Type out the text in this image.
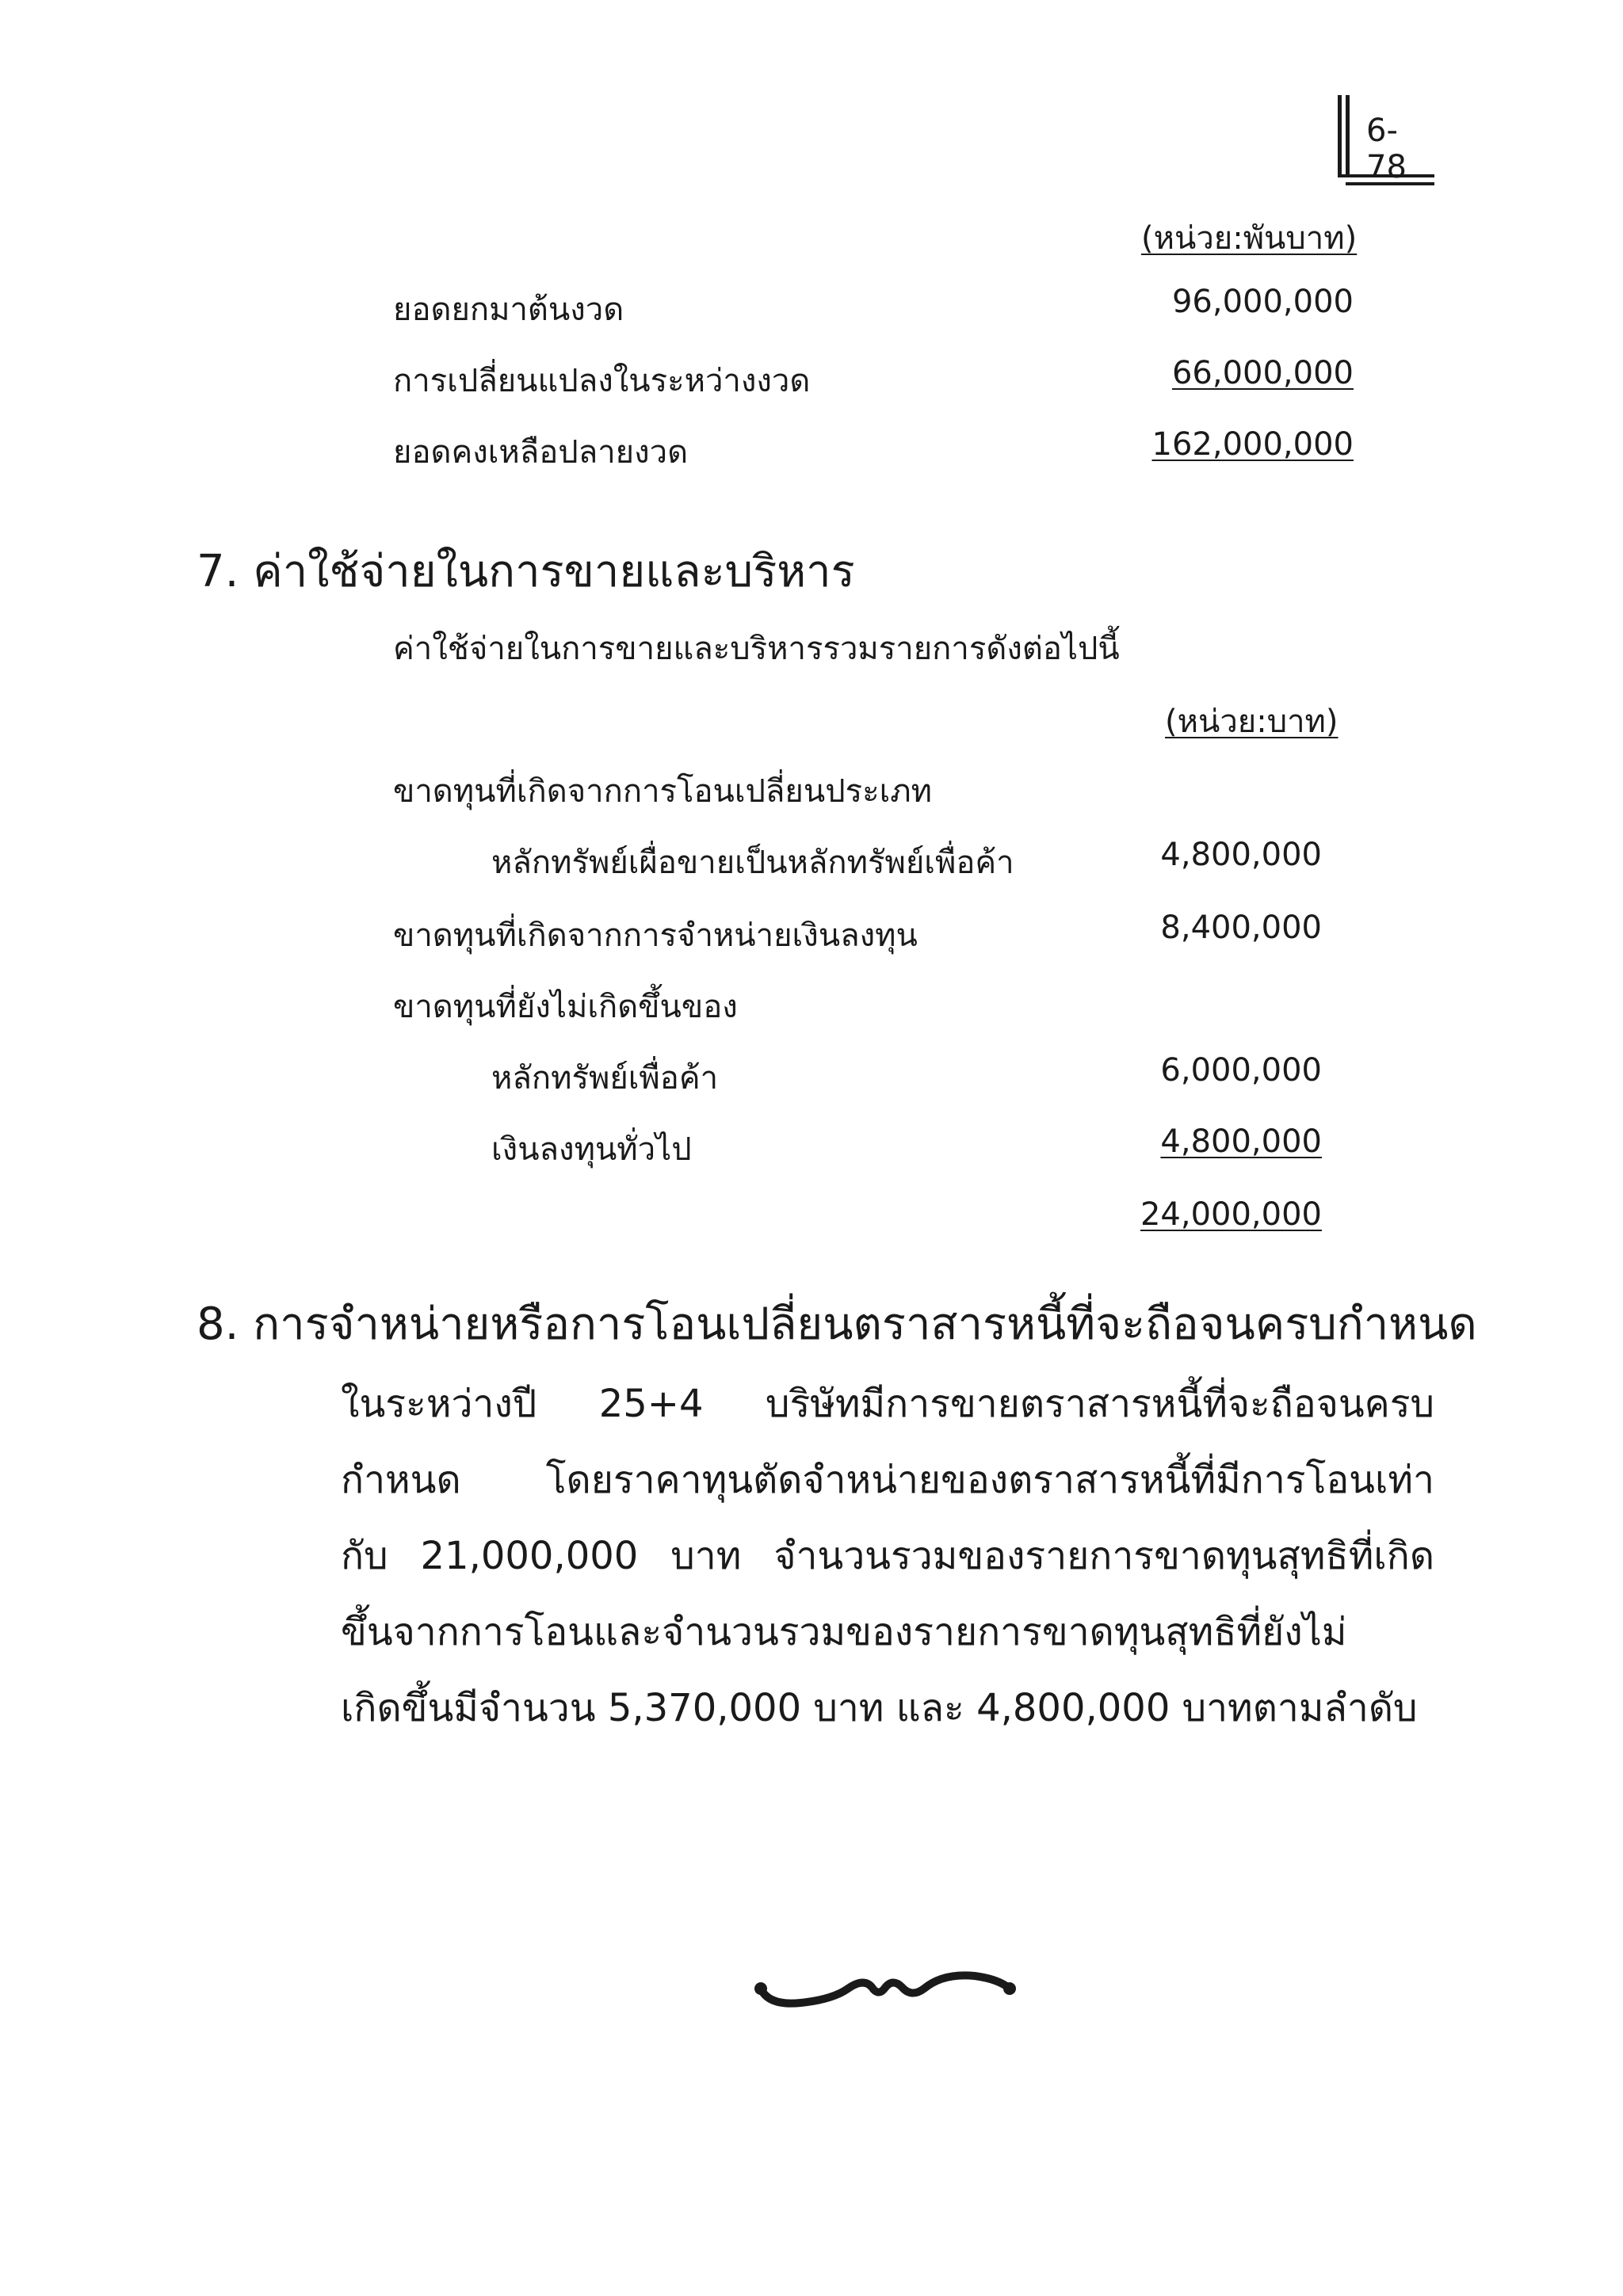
6-78
(หน่วย:พันบาท)
ยอดยกมาต้นงวด	96,000,000
การเปลี่ยนแปลงในระหว่างงวด	66,000,000
ยอดคงเหลือปลายงวด	162,000,000
7. ค่าใช้จ่ายในการขายและบริหาร
ค่าใช้จ่ายในการขายและบริหารรวมรายการดังต่อไปนี้
(หน่วย:บาท)
ขาดทุนที่เกิดจากการโอนเปลี่ยนประเภท
หลักทรัพย์เผื่อขายเป็นหลักทรัพย์เพื่อค้า	4,800,000
ขาดทุนที่เกิดจากการจำหน่ายเงินลงทุน	8,400,000
ขาดทุนที่ยังไม่เกิดขึ้นของ
หลักทรัพย์เพื่อค้า	6,000,000
เงินลงทุนทั่วไป	4,800,000
24,000,000
8. การจำหน่ายหรือการโอนเปลี่ยนตราสารหนี้ที่จะถือจนครบกำหนด
ในระหว่างปี 25+4 บริษัทมีการขายตราสารหนี้ที่จะถือจนครบ
กำหนด โดยราคาทุนตัดจำหน่ายของตราสารหนี้ที่มีการโอนเท่า
กับ 21,000,000 บาท จำนวนรวมของรายการขาดทุนสุทธิที่เกิด
ขึ้นจากการโอนและจำนวนรวมของรายการขาดทุนสุทธิที่ยังไม่
เกิดขึ้นมีจำนวน 5,370,000 บาท และ 4,800,000 บาทตามลำดับ
